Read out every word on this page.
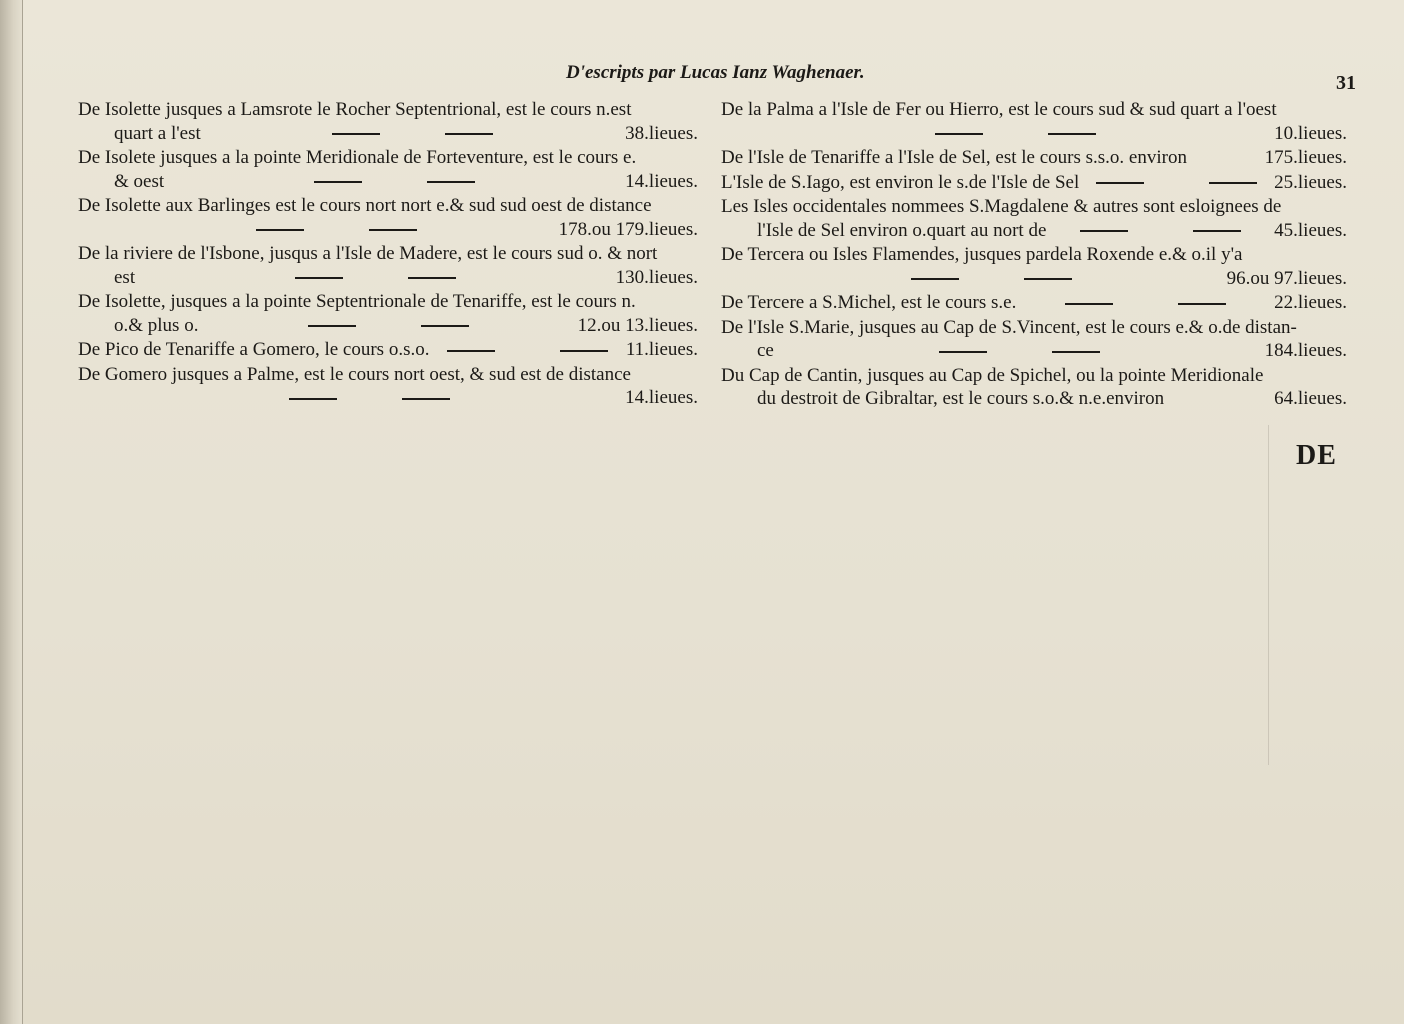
D'escripts par Lucas Ianz Waghenaer.	31
De Isolette jusques a Lamsrote le Rocher Septentrional, est le cours n.est
quart a l'est
   	38.lieues.
De Isolete jusques a la pointe Meridionale de Forteventure, est le cours e.
& oest
   	14.lieues.
De Isolette aux Barlinges est le cours nort nort e.& sud sud oest de distance

178.ou 179.lieues.
De la riviere de l'Isbone, jusqus a l'Isle de Madere, est le cours sud o. & nort
est
   	130.lieues.
De Isolette, jusques a la pointe Septentrionale de Tenariffe, est le cours n.
o.& plus o.
   	12.ou 13.lieues.
De Pico de Tenariffe a Gomero, le cours o.s.o.
   	11.lieues.
De Gomero jusques a Palme, est le cours nort oest, & sud est de distance

14.lieues.
De la Palma a l'Isle de Fer ou Hierro, est le cours sud & sud quart a l'oest

10.lieues.
De l'Isle de Tenariffe a l'Isle de Sel, est le cours s.s.o. environ	175.lieues.
L'Isle de S.Iago, est environ le s.de l'Isle de Sel
   	25.lieues.
Les Isles occidentales nommees S.Magdalene & autres sont esloignees de
l'Isle de Sel environ o.quart au nort de
   	45.lieues.
De Tercera ou Isles Flamendes, jusques pardela Roxende e.& o.il y'a

96.ou 97.lieues.
De Tercere a S.Michel, est le cours s.e.
   	22.lieues.
De l'Isle S.Marie, jusques au Cap de S.Vincent, est le cours e.& o.de distan-
ce
   	184.lieues.
Du Cap de Cantin, jusques au Cap de Spichel, ou la pointe Meridionale
du destroit de Gibraltar, est le cours s.o.& n.e.environ	64.lieues.
DE
